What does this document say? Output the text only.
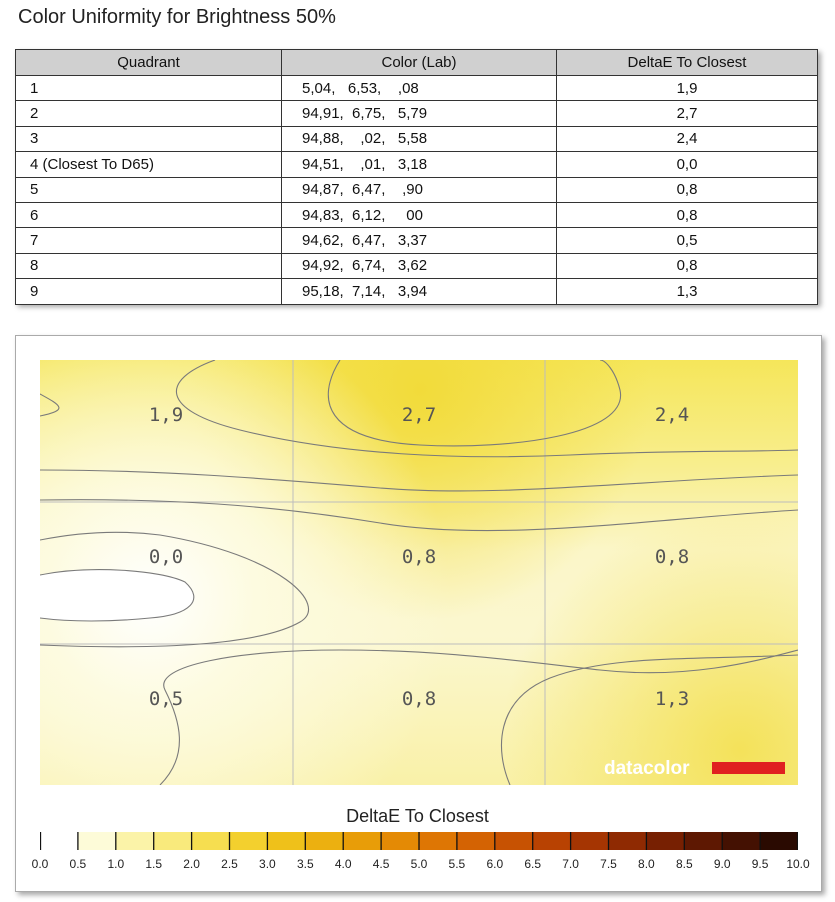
Color Uniformity for Brightness 50%
Quadrant	Color (Lab)	DeltaE To Closest
1	5,04,   6,53,    ,08	1,9
2	94,91,  6,75,   5,79	2,7
3	94,88,    ,02,   5,58	2,4
4 (Closest To D65)	94,51,    ,01,   3,18	0,0
5	94,87,  6,47,    ,90	0,8
6	94,83,  6,12,     00	0,8
7	94,62,  6,47,   3,37	0,5
8	94,92,  6,74,   3,62	0,8
9	95,18,  7,14,   3,94	1,3
1,9	2,7	2,4
0,0	0,8	0,8
0,5	0,8	1,3
datacolor
DeltaE To Closest
0.0 0.5 1.0 1.5 2.0 2.5 3.0 3.5 4.0 4.5 5.0 5.5 6.0 6.5 7.0 7.5 8.0 8.5 9.0 9.5 10.0
